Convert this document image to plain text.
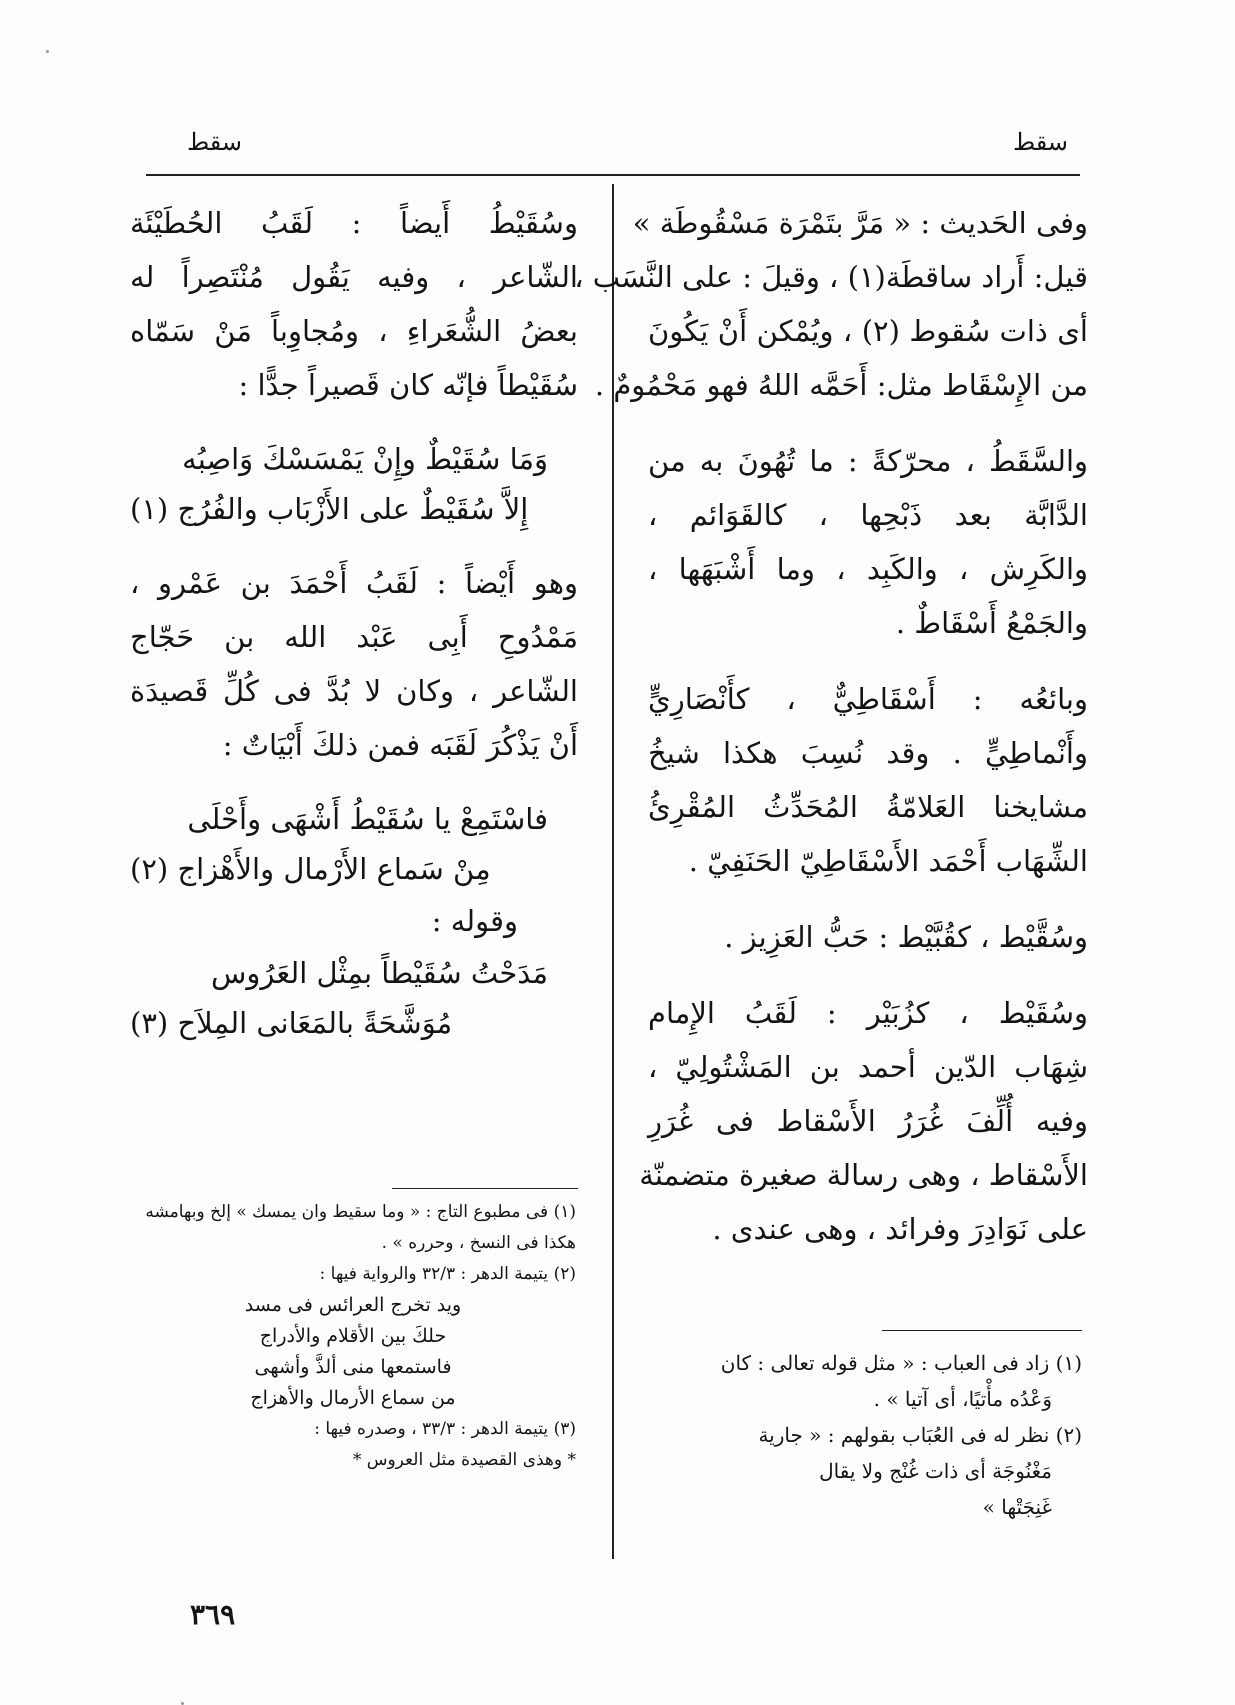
سقط
سقط
وفى الحَديث : « مَرَّ بتَمْرَة مَسْقُوطَة »
قيل: أَراد ساقطَة(١) ، وقيلَ : على النَّسَب ،
أى ذات سُقوط (٢) ، ويُمْكن أَنْ يَكُونَ
من الإِسْقَاط مثل: أَحَمَّه اللهُ فهو مَحْمُومٌ .
والسَّقَطُ ، محرّكةً : ما تُهُونَ به من
الدَّابَّة بعد ذَبْحِها ، كالقَوَائم ،
والكَرِش ، والكَبِد ، وما أَشْبَهَها ،
والجَمْعُ أَسْقَاطٌ .
وبائعُه : أَسْقَاطِيٌّ ، كأَنْصَارِيٍّ
وأَنْماطِيٍّ . وقد نُسِبَ هكذا شيخُ
مشايخنا العَلامّةُ المُحَدِّثُ المُقْرِئُ
الشِّهَاب أَحْمَد الأَسْقَاطِيّ الحَنَفِيّ .
وسُقَّيْط ، كقُبَّيْط : حَبُّ العَزِيز .
وسُقَيْط ، كزُبَيْر : لَقَبُ الإِمام
شِهَاب الدّين أحمد بن المَشْتُولِيّ ،
وفيه أُلِّفَ غُرَرُ الأَسْقاط فى غُرَرِ
الأَسْقاط ، وهى رسالة صغيرة متضمنّة
على نَوَادِرَ وفرائد ، وهى عندى .
وسُقَيْطُ أَيضاً : لَقَبُ الحُطَيْئَة
الشّاعر ، وفيه يَقُول مُنْتَصِراً له
بعضُ الشُّعَراءِ ، ومُجاوِباً مَنْ سَمّاه
سُقَيْطاً فإنّه كان قَصيراً جدًّا :
وَمَا سُقَيْطٌ وإِنْ يَمْسَسْكَ وَاصِبُه
إِلاَّ سُقَيْطٌ على الأَزْبَاب والفُرُج (١)
وهو أَيْضاً : لَقَبُ أَحْمَدَ بن عَمْرو ،
مَمْدُوحِ أَبِى عَبْد الله بن حَجّاج
الشّاعر ، وكان لا بُدَّ فى كُلِّ قَصيدَة
أَنْ يَذْكُرَ لَقَبَه فمن ذلكَ أَبْيَاتٌ :
فاسْتَمِعْ يا سُقَيْطُ أَشْهَى وأَحْلَى
مِنْ سَماع الأَرْمال والأَهْزاج (٢)
وقوله :
مَدَحْتُ سُقَيْطاً بمِثْل العَرُوس
مُوَشَّحَةً بالمَعَانى المِلاَح (٣)
(١) زاد فى العباب : « مثل قوله تعالى : كان
وَعْدُه مأْتيًا، أى آتيا » .
(٢) نظر له فى العُبَاب بقولهم : « جارية
مَغْنُوجَة أى ذات غُنْج ولا يقال
غَنِجَتْها »
(١) فى مطبوع التاج : « وما سقيط وان يمسك » إلخ وبهامشه
هكذا فى النسخ ، وحرره » .
(٢) يتيمة الدهر : ٣٢/٣ والرواية فيها :
ويد تخرج العرائس فى مسد
حلكَ بين الأقلام والأدراج
فاستمعها منى ألذَّ وأشهى
من سماع الأرمال والأهزاج
(٣) يتيمة الدهر : ٣٣/٣ ، وصدره فيها :
* وهذى القصيدة مثل العروس *
٣٦٩
